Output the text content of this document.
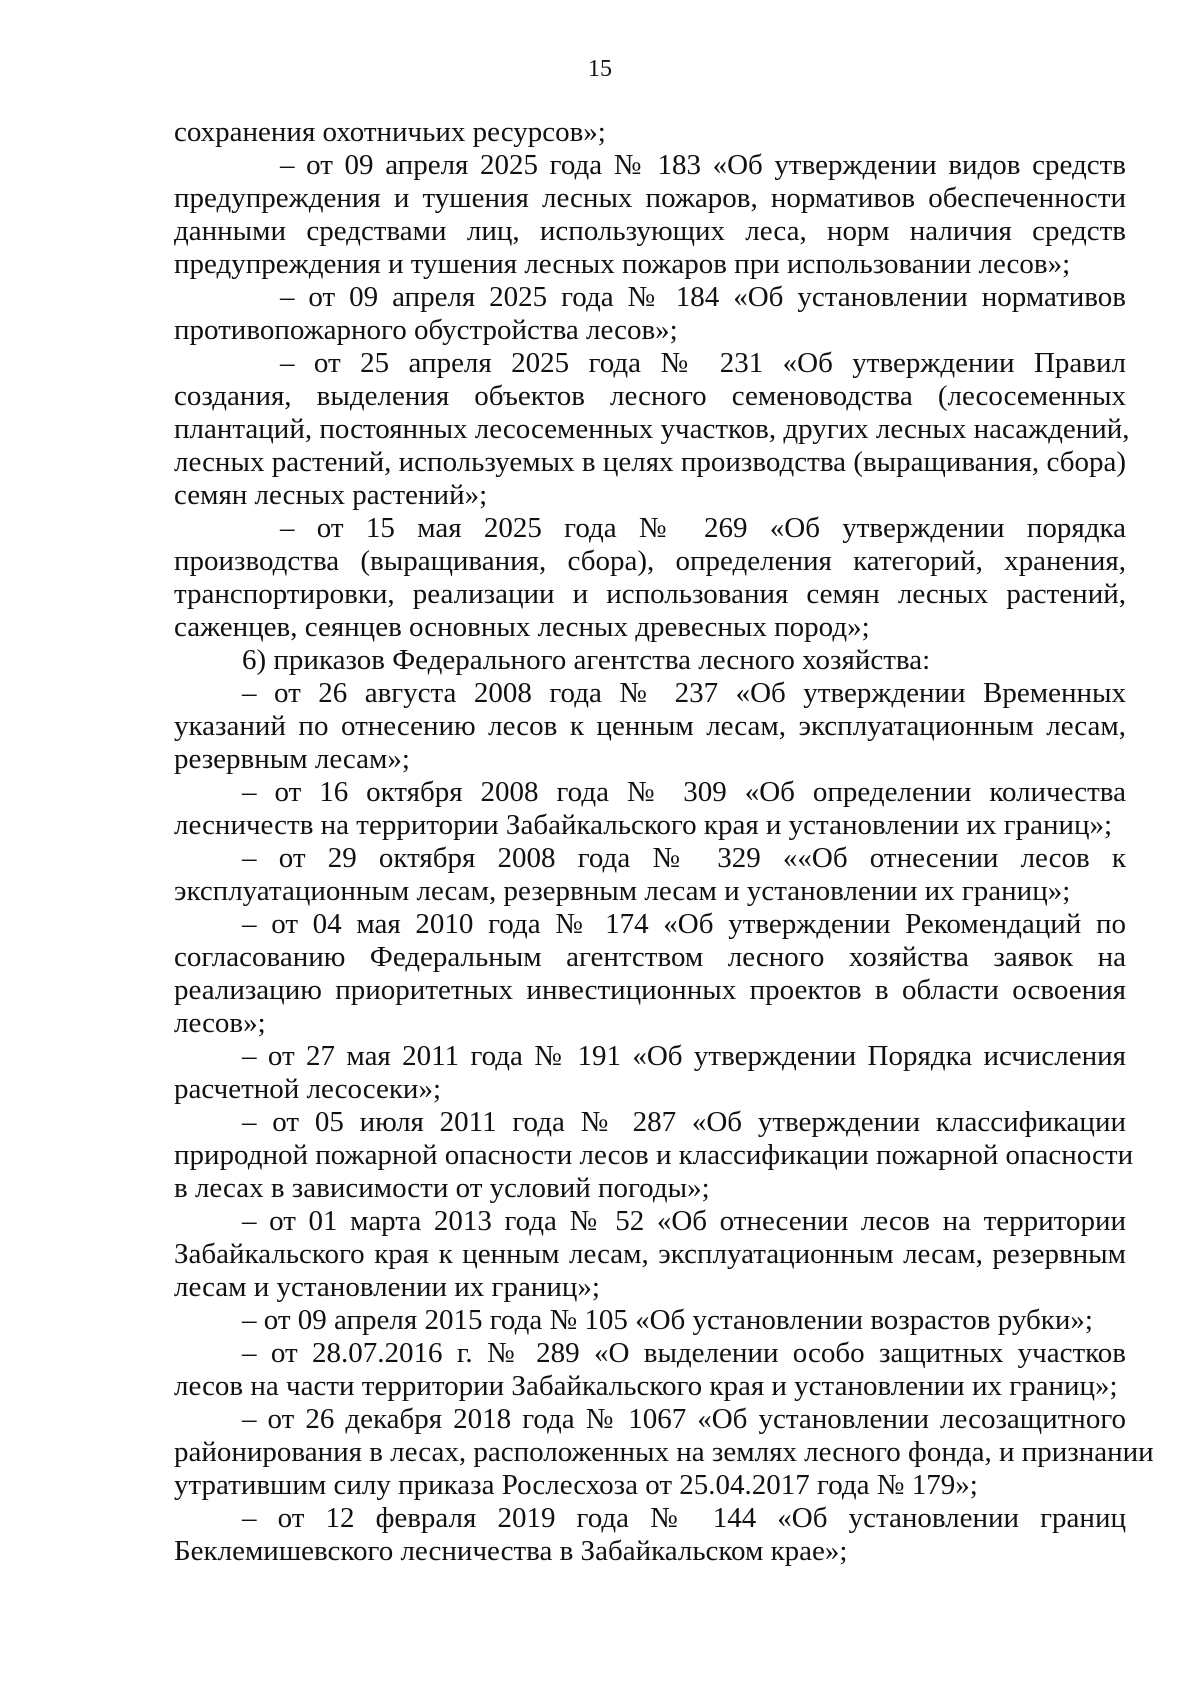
15
сохранения охотничьих ресурсов»;
– от 09 апреля 2025 года № 183 «Об утверждении видов средств
предупреждения и тушения лесных пожаров, нормативов обеспеченности
данными средствами лиц, использующих леса, норм наличия средств
предупреждения и тушения лесных пожаров при использовании лесов»;
– от 09 апреля 2025 года № 184 «Об установлении нормативов
противопожарного обустройства лесов»;
– от 25 апреля 2025 года № 231 «Об утверждении Правил
создания, выделения объектов лесного семеноводства (лесосеменных
плантаций, постоянных лесосеменных участков, других лесных насаждений,
лесных растений, используемых в целях производства (выращивания, сбора)
семян лесных растений»;
– от 15 мая 2025 года № 269 «Об утверждении порядка
производства (выращивания, сбора), определения категорий, хранения,
транспортировки, реализации и использования семян лесных растений,
саженцев, сеянцев основных лесных древесных пород»;
6) приказов Федерального агентства лесного хозяйства:
– от 26 августа 2008 года № 237 «Об утверждении Временных
указаний по отнесению лесов к ценным лесам, эксплуатационным лесам,
резервным лесам»;
– от 16 октября 2008 года № 309 «Об определении количества
лесничеств на территории Забайкальского края и установлении их границ»;
– от 29 октября 2008 года № 329 ««Об отнесении лесов к
эксплуатационным лесам, резервным лесам и установлении их границ»;
– от 04 мая 2010 года № 174 «Об утверждении Рекомендаций по
согласованию Федеральным агентством лесного хозяйства заявок на
реализацию приоритетных инвестиционных проектов в области освоения
лесов»;
– от 27 мая 2011 года № 191 «Об утверждении Порядка исчисления
расчетной лесосеки»;
– от 05 июля 2011 года № 287 «Об утверждении классификации
природной пожарной опасности лесов и классификации пожарной опасности
в лесах в зависимости от условий погоды»;
– от 01 марта 2013 года № 52 «Об отнесении лесов на территории
Забайкальского края к ценным лесам, эксплуатационным лесам, резервным
лесам и установлении их границ»;
– от 09 апреля 2015 года № 105 «Об установлении возрастов рубки»;
– от 28.07.2016 г. № 289 «О выделении особо защитных участков
лесов на части территории Забайкальского края и установлении их границ»;
– от 26 декабря 2018 года № 1067 «Об установлении лесозащитного
районирования в лесах, расположенных на землях лесного фонда, и признании
утратившим силу приказа Рослесхоза от 25.04.2017 года № 179»;
– от 12 февраля 2019 года № 144 «Об установлении границ
Беклемишевского лесничества в Забайкальском крае»;
